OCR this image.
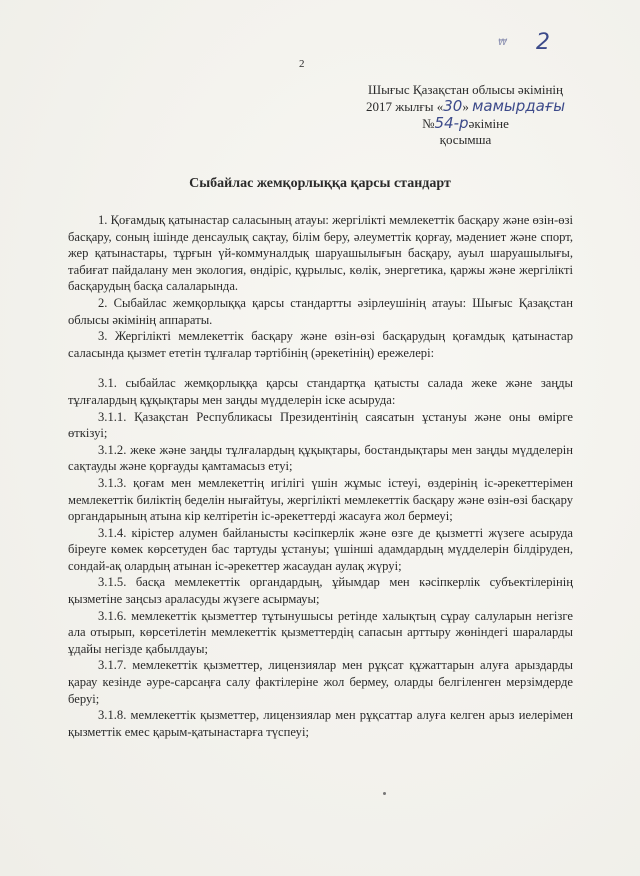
₩ 2
2
Шығыс Қазақстан облысы әкімінің
2017 жылғы «30» мамырдағы
№54-рәкіміне
қосымша
Сыбайлас жемқорлыққа қарсы стандарт

1. Қоғамдық қатынастар саласының атауы: жергілікті мемлекеттік басқару және өзін-өзі басқару, соның ішінде денсаулық сақтау, білім беру, әлеуметтік қорғау, мәдениет және спорт, жер қатынастары, тұрғын үй-коммуналдық шаруашылығын басқару, ауыл шаруашылығы, табиғат пайдалану мен экология, өндіріс, құрылыс, көлік, энергетика, қаржы және жергілікті басқарудың басқа салаларында.

2. Сыбайлас жемқорлыққа қарсы стандартты әзірлеушінің атауы: Шығыс Қазақстан облысы әкімінің аппараты.

3. Жергілікті мемлекеттік басқару және өзін-өзі басқарудың қоғамдық қатынастар саласында қызмет ететін тұлғалар тәртібінің (әрекетінің) ережелері:

3.1. сыбайлас жемқорлыққа қарсы стандартқа қатысты салада жеке және заңды тұлғалардың құқықтары мен заңды мүдделерін іске асыруда:

3.1.1. Қазақстан Республикасы Президентінің саясатын ұстануы және оны өмірге өткізуі;

3.1.2. жеке және заңды тұлғалардың құқықтары, бостандықтары мен заңды мүдделерін сақтауды және қорғауды қамтамасыз етуі;

3.1.3. қоғам мен мемлекеттің игілігі үшін жұмыс істеуі, өздерінің іс-әрекеттерімен мемлекеттік биліктің беделін нығайтуы, жергілікті мемлекеттік басқару және өзін-өзі басқару органдарының атына кір келтіретін іс-әрекеттерді жасауға жол бермеуі;

3.1.4. кірістер алумен байланысты кәсіпкерлік және өзге де қызметті жүзеге асыруда біреуге көмек көрсетуден бас тартуды ұстануы; үшінші адамдардың мүдделерін білдіруден, сондай-ақ олардың атынан іс-әрекеттер жасаудан аулақ жүруі;

3.1.5. басқа мемлекеттік органдардың, ұйымдар мен кәсіпкерлік субъектілерінің қызметіне заңсыз араласуды жүзеге асырмауы;

3.1.6. мемлекеттік қызметтер тұтынушысы ретінде халықтың сұрау салуларын негізге ала отырып, көрсетілетін мемлекеттік қызметтердің сапасын арттыру жөніндегі шараларды ұдайы негізде қабылдауы;

3.1.7. мемлекеттік қызметтер, лицензиялар мен рұқсат құжаттарын алуға арыздарды қарау кезінде әуре-сарсаңға салу фактілеріне жол бермеу, оларды белгіленген мерзімдерде беруі;

3.1.8. мемлекеттік қызметтер, лицензиялар мен рұқсаттар алуға келген арыз иелерімен қызметтік емес қарым-қатынастарға түспеуі;
